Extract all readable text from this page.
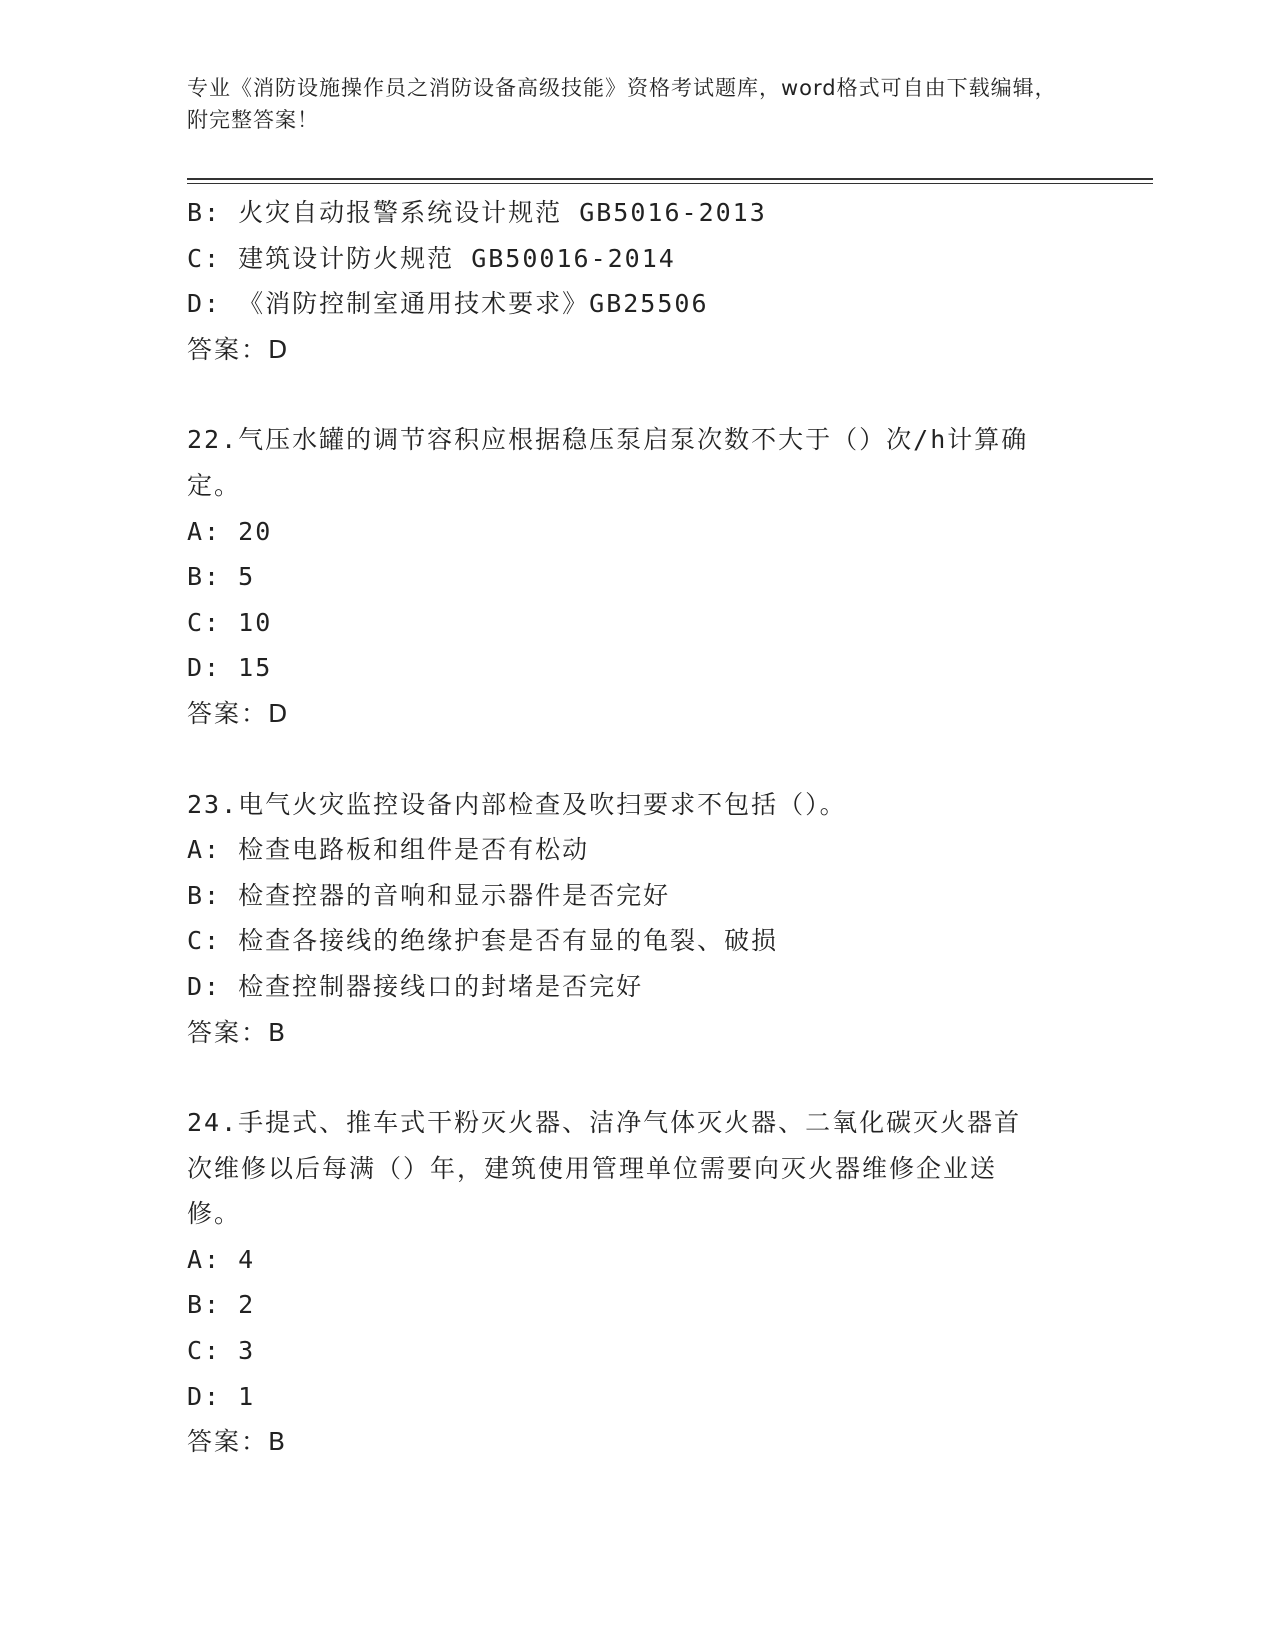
专业《消防设施操作员之消防设备高级技能》资格考试题库，word格式可自由下载编辑，附完整答案！
B: 火灾自动报警系统设计规范 GB5016-2013
C: 建筑设计防火规范 GB50016-2014
D: 《消防控制室通用技术要求》GB25506
答案：D
22.气压水罐的调节容积应根据稳压泵启泵次数不大于（）次/h计算确
定。
A: 20
B: 5
C: 10
D: 15
答案：D
23.电气火灾监控设备内部检查及吹扫要求不包括（）。
A: 检查电路板和组件是否有松动
B: 检查控器的音响和显示器件是否完好
C: 检查各接线的绝缘护套是否有显的龟裂、破损
D: 检查控制器接线口的封堵是否完好
答案：B
24.手提式、推车式干粉灭火器、洁净气体灭火器、二氧化碳灭火器首
次维修以后每满（）年，建筑使用管理单位需要向灭火器维修企业送
修。
A: 4
B: 2
C: 3
D: 1
答案：B
